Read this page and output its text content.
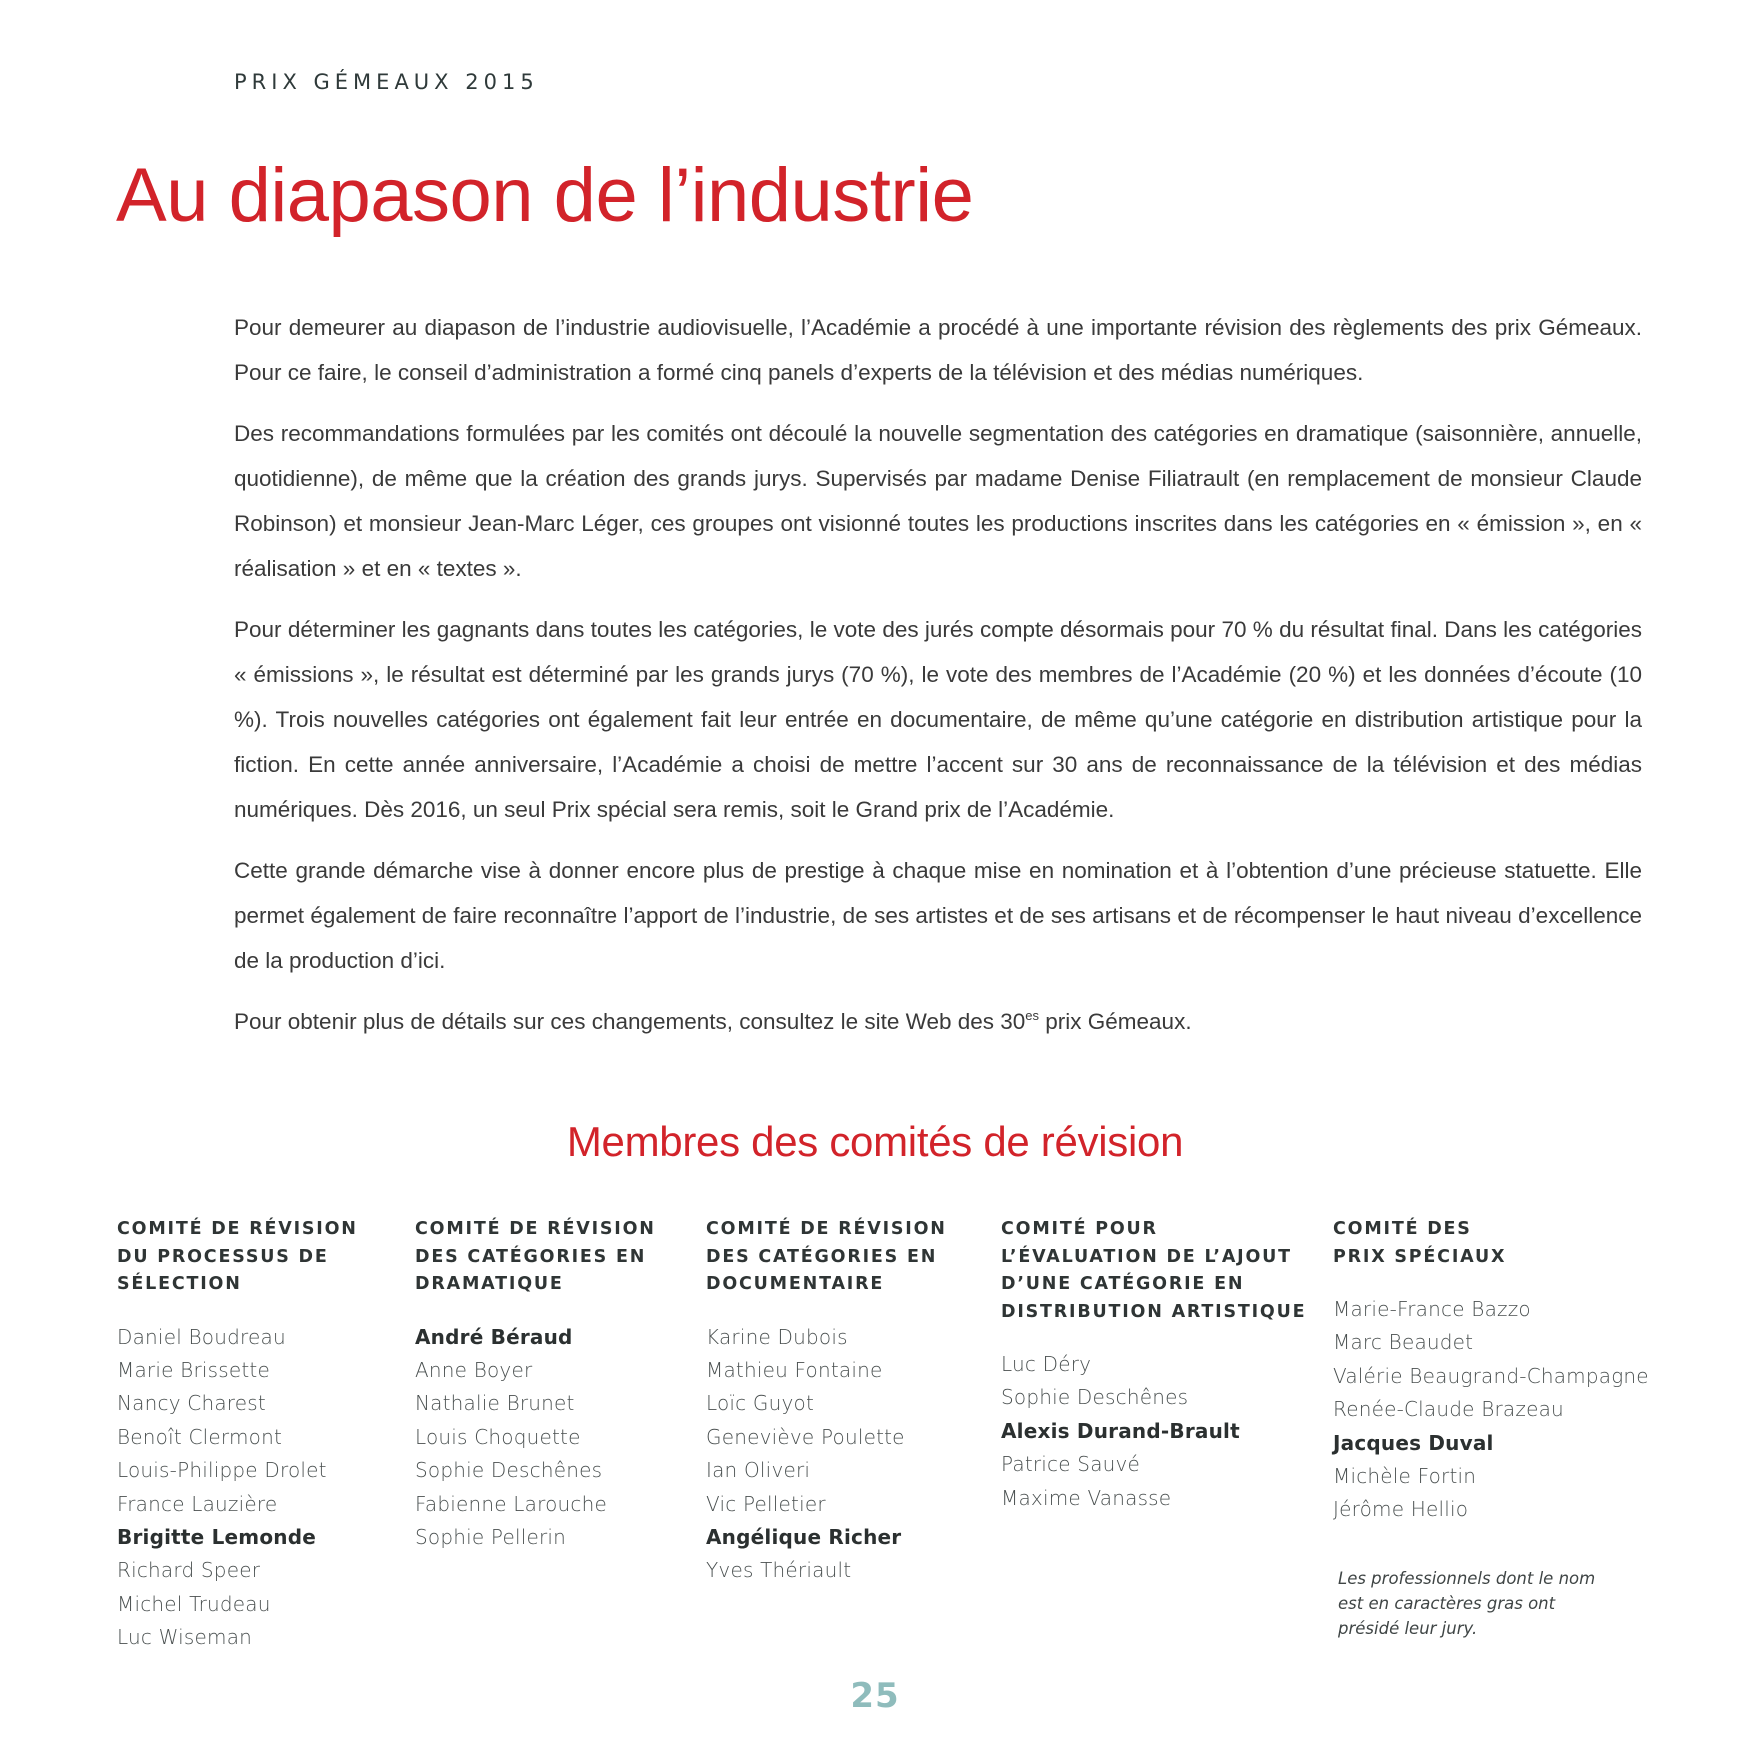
PRIX GÉMEAUX 2015
Au diapason de l’industrie

Pour demeurer au diapason de l’industrie audiovisuelle, l’Académie a procédé à une importante révision des règlements des prix Gémeaux. Pour ce faire, le conseil d’administration a formé cinq panels d’experts de la télévision et des médias numériques.

Des recommandations formulées par les comités ont découlé la nouvelle segmentation des catégories en dramatique (saisonnière, annuelle, quotidienne), de même que la création des grands jurys. Supervisés par madame Denise Filiatrault (en remplacement de monsieur Claude Robinson) et monsieur Jean-Marc Léger, ces groupes ont visionné toutes les productions inscrites dans les catégories en « émission », en « réalisation » et en « textes ».

Pour déterminer les gagnants dans toutes les catégories, le vote des jurés compte désormais pour 70 % du résultat final. Dans les catégories « émissions », le résultat est déterminé par les grands jurys (70 %), le vote des membres de l’Académie (20 %) et les données d’écoute (10 %). Trois nouvelles catégories ont également fait leur entrée en documentaire, de même qu’une catégorie en distribution artistique pour la fiction. En cette année anniversaire, l’Académie a choisi de mettre l’accent sur 30 ans de reconnaissance de la télévision et des médias numériques. Dès 2016, un seul Prix spécial sera remis, soit le Grand prix de l’Académie.

Cette grande démarche vise à donner encore plus de prestige à chaque mise en nomination et à l’obtention d’une précieuse statuette. Elle permet également de faire reconnaître l’apport de l’industrie, de ses artistes et de ses artisans et de récompenser le haut niveau d’excellence de la production d’ici.

Pour obtenir plus de détails sur ces changements, consultez le site Web des $30^{es}$ prix Gémeaux.

Membres des comités de révision
COMITÉ DE RÉVISION
DU PROCESSUS DE
SÉLECTION
Daniel Boudreau
Marie Brissette
Nancy Charest
Benoît Clermont
Louis-Philippe Drolet
France Lauzière
Brigitte Lemonde
Richard Speer
Michel Trudeau
Luc Wiseman
COMITÉ DE RÉVISION
DES CATÉGORIES EN
DRAMATIQUE
André Béraud
Anne Boyer
Nathalie Brunet
Louis Choquette
Sophie Deschênes
Fabienne Larouche
Sophie Pellerin
COMITÉ DE RÉVISION
DES CATÉGORIES EN
DOCUMENTAIRE
Karine Dubois
Mathieu Fontaine
Loïc Guyot
Geneviève Poulette
Ian Oliveri
Vic Pelletier
Angélique Richer
Yves Thériault
COMITÉ POUR
L’ÉVALUATION DE L’AJOUT
D’UNE CATÉGORIE EN
DISTRIBUTION ARTISTIQUE
Luc Déry
Sophie Deschênes
Alexis Durand-Brault
Patrice Sauvé
Maxime Vanasse
COMITÉ DES
PRIX SPÉCIAUX
Marie-France Bazzo
Marc Beaudet
Valérie Beaugrand-Champagne
Renée-Claude Brazeau
Jacques Duval
Michèle Fortin
Jérôme Hellio
Les professionnels dont le nom est en caractères gras ont présidé leur jury.
25
